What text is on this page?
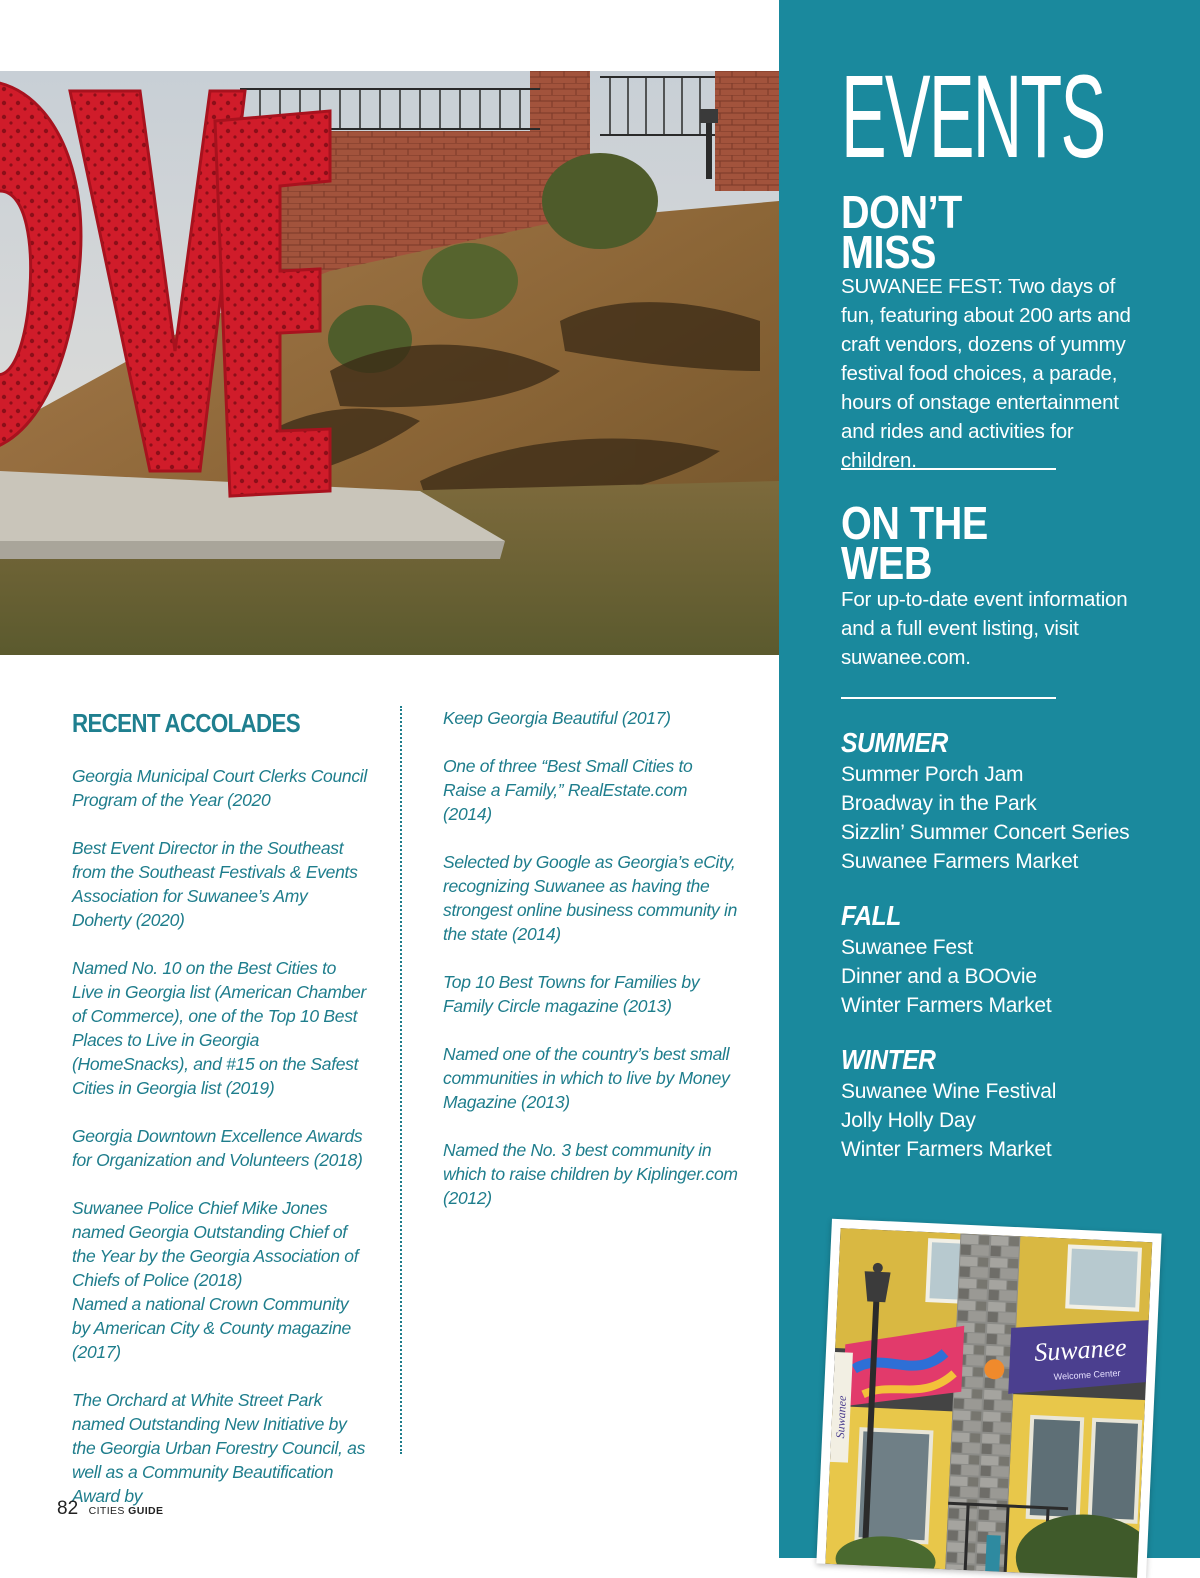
RECENT ACCOLADES

Georgia Municipal Court Clerks Council Program of the Year (2020

Best Event Director in the Southeast from the Southeast Festivals & Events Association for Suwanee’s Amy Doherty (2020)

Named No. 10 on the Best Cities to Live in Georgia list (American Chamber of Commerce), one of the Top 10 Best Places to Live in Georgia (HomeSnacks), and #15 on the Safest Cities in Georgia list (2019)

Georgia Downtown Excellence Awards for Organization and Volunteers (2018)

Suwanee Police Chief Mike Jones named Georgia Outstanding Chief of the Year by the Georgia Association of Chiefs of Police (2018)

Named a national Crown Community by American City & County magazine (2017)

The Orchard at White Street Park named Outstanding New Initiative by the Georgia Urban Forestry Council, as well as a Community Beautification Award by

Keep Georgia Beautiful (2017)

One of three “Best Small Cities to Raise a Family,” RealEstate.com (2014)

Selected by Google as Georgia’s eCity, recognizing Suwanee as having the strongest online business community in the state (2014)

Top 10 Best Towns for Families by Family Circle magazine (2013)

Named one of the country’s best small communities in which to live by Money Magazine (2013)

Named the No. 3 best community in which to raise children by Kiplinger.com (2012)

82 CITIES GUIDE
EVENTS
DON’T
MISS

SUWANEE FEST: Two days of fun, featuring about 200 arts and craft vendors, dozens of yummy festival food choices, a parade, hours of onstage entertainment and rides and activities for children.

ON THE
WEB

For up-to-date event information and a full event listing, visit suwanee.com.

SUMMER
Summer Porch Jam
Broadway in the Park
Sizzlin’ Summer Concert Series
Suwanee Farmers Market
FALL
Suwanee Fest
Dinner and a BOOvie
Winter Farmers Market
WINTER
Suwanee Wine Festival
Jolly Holly Day
Winter Farmers Market
Suwanee
Welcome Center
Suwanee
